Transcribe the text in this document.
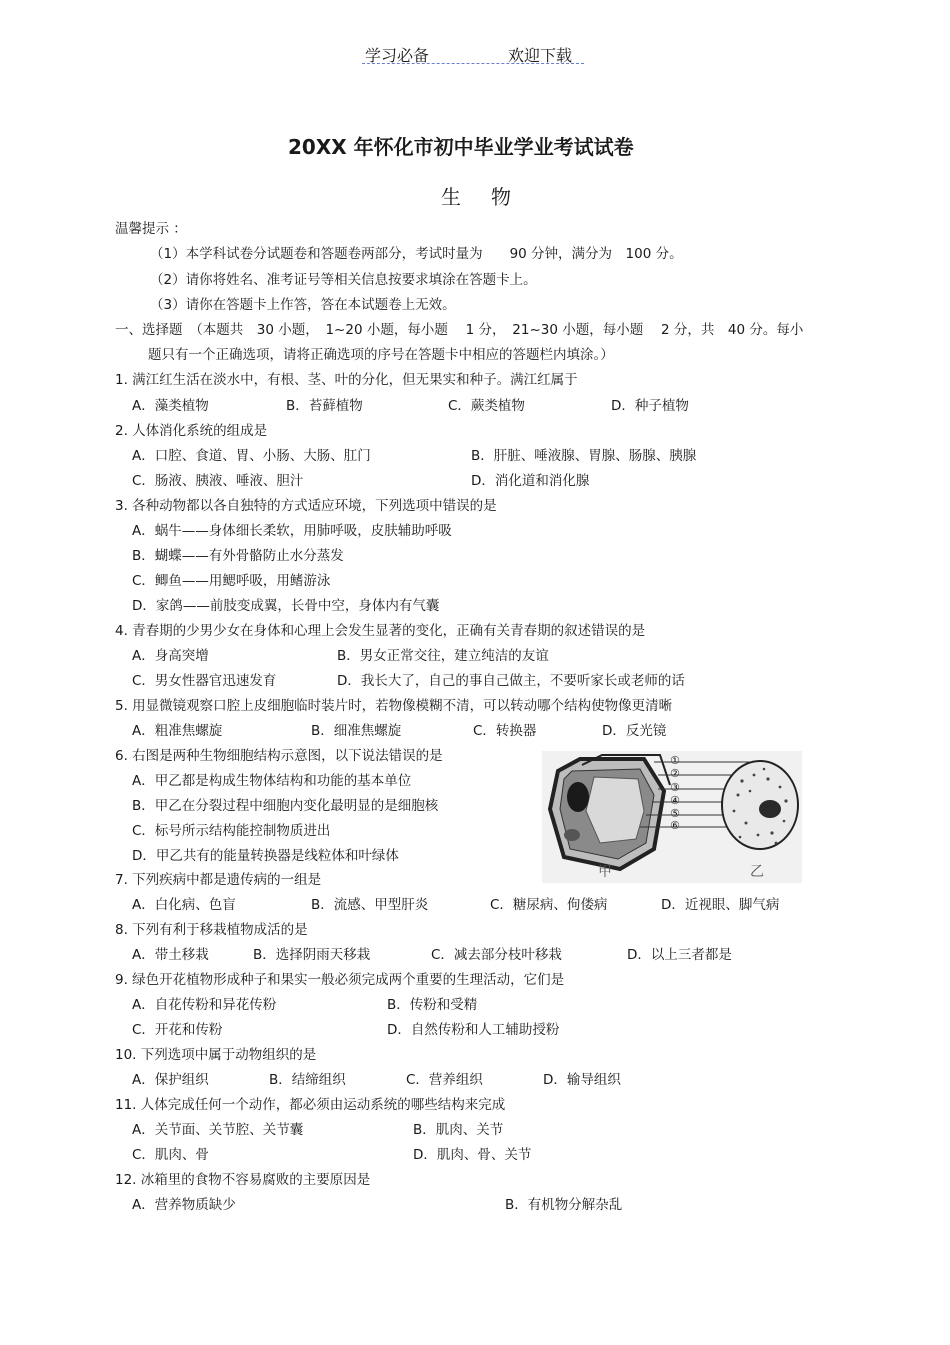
学习必备	欢迎下载
20XX 年怀化市初中毕业学业考试试卷
生物
温馨提示 ：
（1）本学科试卷分试题卷和答题卷两部分，考试时量为　　90 分钟，满分为　100 分。
（2）请你将姓名、准考证号等相关信息按要求填涂在答题卡上。
（3）请你在答题卡上作答，答在本试题卷上无效。
一、选择题　（本题共　30 小题，　1~20 小题，每小题　 1 分，　21~30 小题，每小题　 2 分，共　40 分。每小
题只有一个正确选项，请将正确选项的序号在答题卡中相应的答题栏内填涂。）
1. 满江红生活在淡水中，有根、茎、叶的分化，但无果实和种子。满江红属于
A．藻类植物	B．苔藓植物	C．蕨类植物	D．种子植物
2. 人体消化系统的组成是
A．口腔、食道、胃、小肠、大肠、肛门	B．肝脏、唾液腺、胃腺、肠腺、胰腺
C．肠液、胰液、唾液、胆汁	D．消化道和消化腺
3. 各种动物都以各自独特的方式适应环境，下列选项中错误的是
A．蜗牛——身体细长柔软，用肺呼吸，皮肤辅助呼吸
B．蝴蝶——有外骨骼防止水分蒸发
C．鲫鱼——用鳃呼吸，用鳍游泳
D．家鸽——前肢变成翼，长骨中空，身体内有气囊
4. 青春期的少男少女在身体和心理上会发生显著的变化，正确有关青春期的叙述错误的是
A．身高突增	B．男女正常交往，建立纯洁的友谊
C．男女性器官迅速发育	D．我长大了，自己的事自己做主，不要听家长或老师的话
5. 用显微镜观察口腔上皮细胞临时装片时，若物像模糊不清，可以转动哪个结构使物像更清晰
A．粗准焦螺旋	B．细准焦螺旋	C．转换器	D．反光镜
6. 右图是两种生物细胞结构示意图，以下说法错误的是
A．甲乙都是构成生物体结构和功能的基本单位
B．甲乙在分裂过程中细胞内变化最明显的是细胞核
C．标号所示结构能控制物质进出
D．甲乙共有的能量转换器是线粒体和叶绿体
①
②
③
④
⑤
⑥
甲	乙
7. 下列疾病中都是遗传病的一组是
A．白化病、色盲	B．流感、甲型肝炎	C．糖尿病、佝偻病	D．近视眼、脚气病
8. 下列有利于移栽植物成活的是
A．带土移栽	B．选择阴雨天移栽	C．减去部分枝叶移栽	D．以上三者都是
9. 绿色开花植物形成种子和果实一般必须完成两个重要的生理活动，它们是
A．自花传粉和异花传粉	B．传粉和受精
C．开花和传粉	D．自然传粉和人工辅助授粉
10. 下列选项中属于动物组织的是
A．保护组织	B．结缔组织	C．营养组织	D．输导组织
11. 人体完成任何一个动作，都必须由运动系统的哪些结构来完成
A．关节面、关节腔、关节囊	B．肌肉、关节
C．肌肉、骨	D．肌肉、骨、关节
12. 冰箱里的食物不容易腐败的主要原因是
A．营养物质缺少	B．有机物分解杂乱
